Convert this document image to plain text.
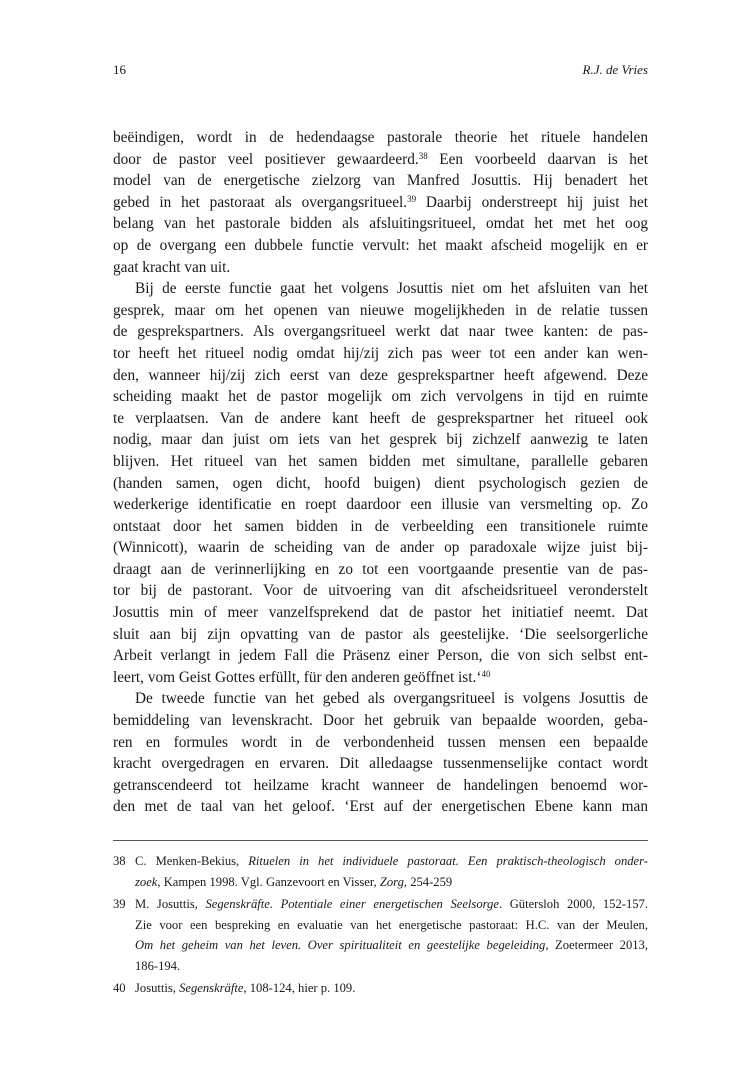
16	R.J. de Vries
beëindigen, wordt in de hedendaagse pastorale theorie het rituele handelen
door de pastor veel positiever gewaardeerd.$^{38}$ Een voorbeeld daarvan is het
model van de energetische zielzorg van Manfred Josuttis. Hij benadert het
gebed in het pastoraat als overgangsritueel.$^{39}$ Daarbij onderstreept hij juist het
belang van het pastorale bidden als afsluitingsritueel, omdat het met het oog
op de overgang een dubbele functie vervult: het maakt afscheid mogelijk en er
gaat kracht van uit.
Bij de eerste functie gaat het volgens Josuttis niet om het afsluiten van het
gesprek, maar om het openen van nieuwe mogelijkheden in de relatie tussen
de gesprekspartners. Als overgangsritueel werkt dat naar twee kanten: de pas-
tor heeft het ritueel nodig omdat hij/zij zich pas weer tot een ander kan wen-
den, wanneer hij/zij zich eerst van deze gesprekspartner heeft afgewend. Deze
scheiding maakt het de pastor mogelijk om zich vervolgens in tijd en ruimte
te verplaatsen. Van de andere kant heeft de gesprekspartner het ritueel ook
nodig, maar dan juist om iets van het gesprek bij zichzelf aanwezig te laten
blijven. Het ritueel van het samen bidden met simultane, parallelle gebaren
(handen samen, ogen dicht, hoofd buigen) dient psychologisch gezien de
wederkerige identificatie en roept daardoor een illusie van versmelting op. Zo
ontstaat door het samen bidden in de verbeelding een transitionele ruimte
(Winnicott), waarin de scheiding van de ander op paradoxale wijze juist bij-
draagt aan de verinnerlijking en zo tot een voortgaande presentie van de pas-
tor bij de pastorant. Voor de uitvoering van dit afscheidsritueel veronderstelt
Josuttis min of meer vanzelfsprekend dat de pastor het initiatief neemt. Dat
sluit aan bij zijn opvatting van de pastor als geestelijke. ‘Die seelsorgerliche
Arbeit verlangt in jedem Fall die Präsenz einer Person, die von sich selbst ent-
leert, vom Geist Gottes erfüllt, für den anderen geöffnet ist.‘$^{40}$
De tweede functie van het gebed als overgangsritueel is volgens Josuttis de
bemiddeling van levenskracht. Door het gebruik van bepaalde woorden, geba-
ren en formules wordt in de verbondenheid tussen mensen een bepaalde
kracht overgedragen en ervaren. Dit alledaagse tussenmenselijke contact wordt
getranscendeerd tot heilzame kracht wanneer de handelingen benoemd wor-
den met de taal van het geloof. ‘Erst auf der energetischen Ebene kann man
38 C. Menken-Bekius, Rituelen in het individuele pastoraat. Een praktisch-theologisch onder-
zoek, Kampen 1998. Vgl. Ganzevoort en Visser, Zorg, 254-259
39 M. Josuttis, Segenskräfte. Potentiale einer energetischen Seelsorge. Gütersloh 2000, 152-157.
Zie voor een bespreking en evaluatie van het energetische pastoraat: H.C. van der Meulen,
Om het geheim van het leven. Over spiritualiteit en geestelijke begeleiding, Zoetermeer 2013,
186-194.
40 Josuttis, Segenskräfte, 108-124, hier p. 109.
